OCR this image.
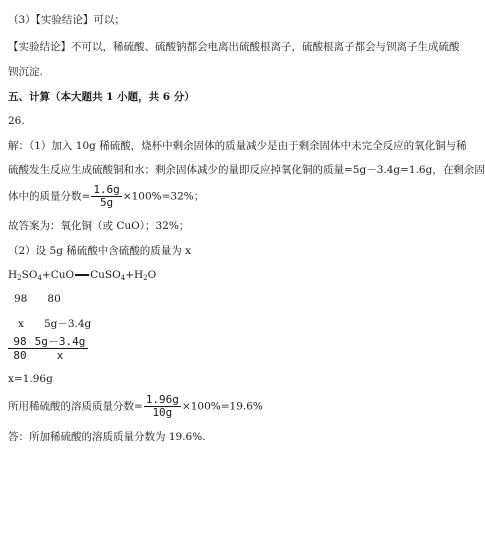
（3）【实验结论】可以；
【实验结论】不可以，稀硫酸、硫酸钠都会电离出硫酸根离子，硫酸根离子都会与钡离子生成硫酸
钡沉淀.
五、计算（本大题共 1 小题，共 6 分）
26.
解：（1）加入 10g 稀硫酸，烧杯中剩余固体的质量减少是由于剩余固体中未完全反应的氧化铜与稀
硫酸发生反应生成硫酸铜和水；剩余固体减少的量即反应掉氧化铜的质量=5g－3.4g=1.6g，在剩余固
体中的质量分数= $\frac{1.6g}{5g} \times 100\%=32\%$；
故答案为：氧化铜（或 CuO）；32%；
（2）设 5g 稀硫酸中含硫酸的质量为 x
$H_2SO_4+CuO$ $CuSO_4+H_2O$
98      80
x      5g－3.4g
98 5g－3.4g
80	x
x=1.96g
所用稀硫酸的溶质质量分数= $\frac{1.96g}{10g} \times 100\%=19.6\%$
答：所加稀硫酸的溶质质量分数为 19.6%.
